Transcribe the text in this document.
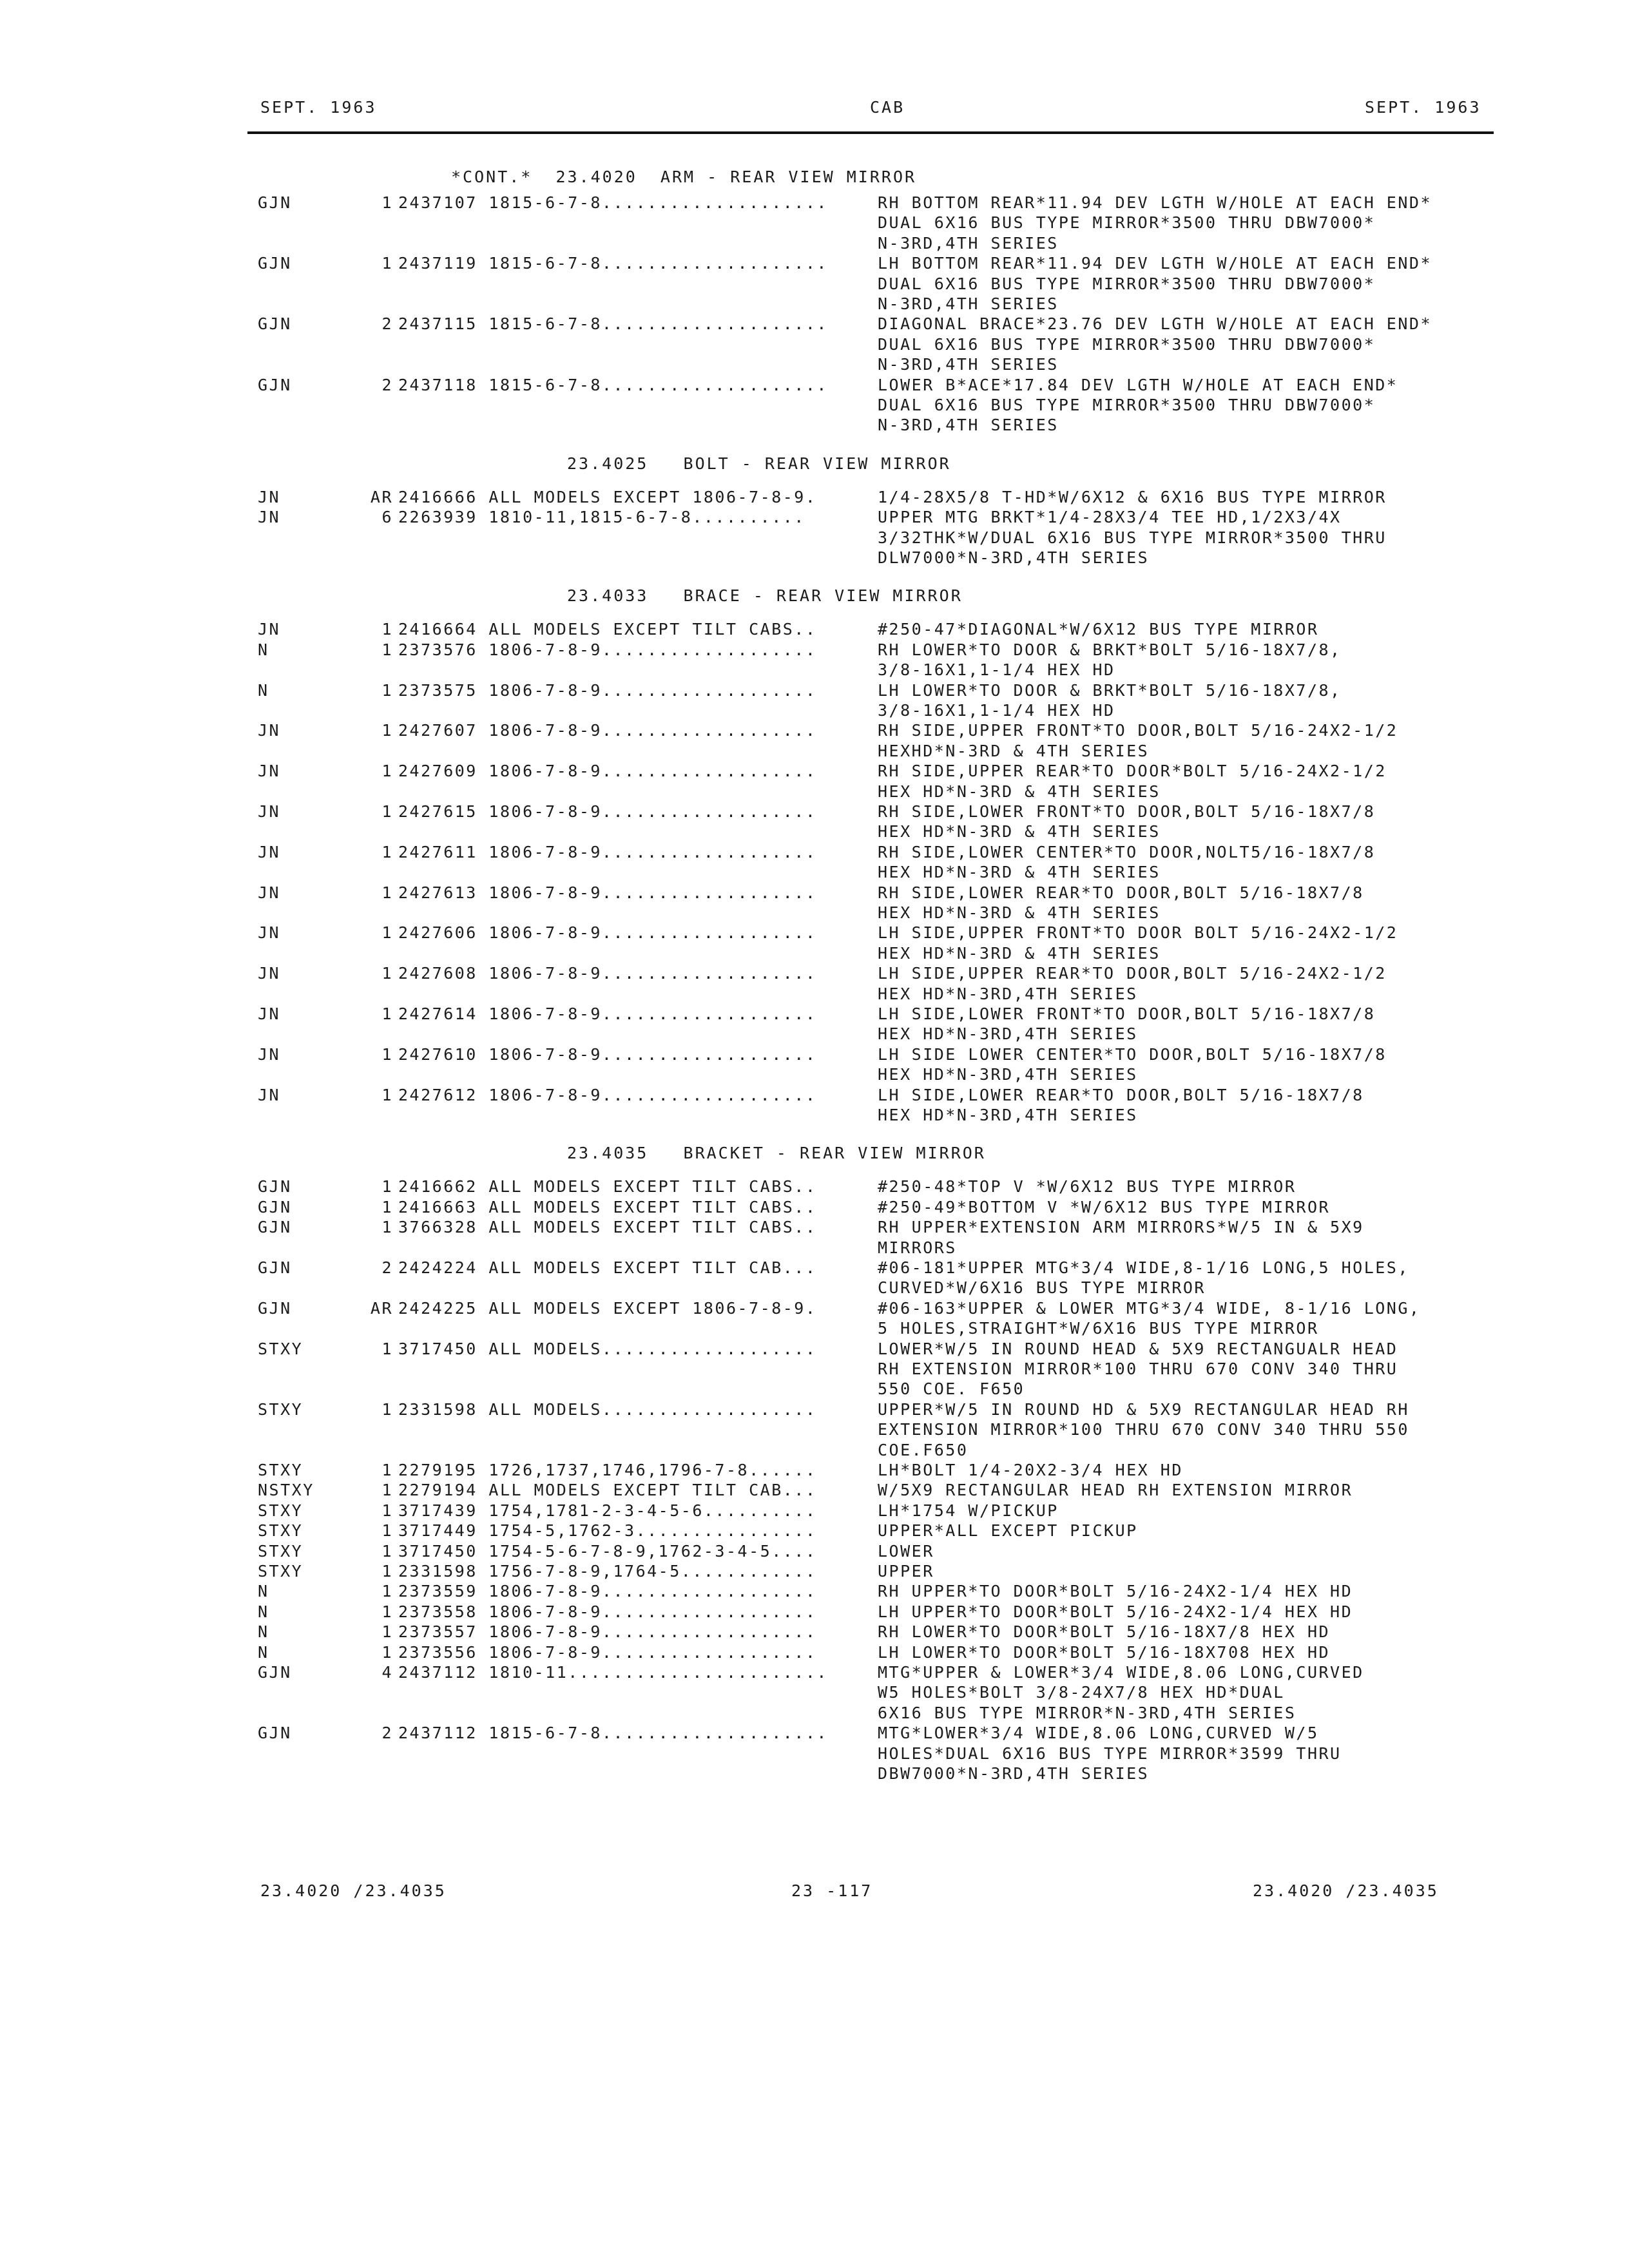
SEPT. 1963	CAB	SEPT. 1963
*CONT.*  23.4020  ARM - REAR VIEW MIRROR
GJN	1 2437107 1815-6-7-8....................	RH BOTTOM REAR*11.94 DEV LGTH W/HOLE AT EACH END*
DUAL 6X16 BUS TYPE MIRROR*3500 THRU DBW7000*
N-3RD,4TH SERIES
GJN	1 2437119 1815-6-7-8....................	LH BOTTOM REAR*11.94 DEV LGTH W/HOLE AT EACH END*
DUAL 6X16 BUS TYPE MIRROR*3500 THRU DBW7000*
N-3RD,4TH SERIES
GJN	2 2437115 1815-6-7-8....................	DIAGONAL BRACE*23.76 DEV LGTH W/HOLE AT EACH END*
DUAL 6X16 BUS TYPE MIRROR*3500 THRU DBW7000*
N-3RD,4TH SERIES
GJN	2 2437118 1815-6-7-8....................	LOWER B*ACE*17.84 DEV LGTH W/HOLE AT EACH END*
DUAL 6X16 BUS TYPE MIRROR*3500 THRU DBW7000*
N-3RD,4TH SERIES
23.4025   BOLT - REAR VIEW MIRROR
JN	AR 2416666 ALL MODELS EXCEPT 1806-7-8-9.	1/4-28X5/8 T-HD*W/6X12 & 6X16 BUS TYPE MIRROR
JN	6 2263939 1810-11,1815-6-7-8..........	UPPER MTG BRKT*1/4-28X3/4 TEE HD,1/2X3/4X
3/32THK*W/DUAL 6X16 BUS TYPE MIRROR*3500 THRU
DLW7000*N-3RD,4TH SERIES
23.4033   BRACE - REAR VIEW MIRROR
JN	1 2416664 ALL MODELS EXCEPT TILT CABS..	#250-47*DIAGONAL*W/6X12 BUS TYPE MIRROR
N	1 2373576 1806-7-8-9...................	RH LOWER*TO DOOR & BRKT*BOLT 5/16-18X7/8,
3/8-16X1,1-1/4 HEX HD
N	1 2373575 1806-7-8-9...................	LH LOWER*TO DOOR & BRKT*BOLT 5/16-18X7/8,
3/8-16X1,1-1/4 HEX HD
JN	1 2427607 1806-7-8-9...................	RH SIDE,UPPER FRONT*TO DOOR,BOLT 5/16-24X2-1/2
HEXHD*N-3RD & 4TH SERIES
JN	1 2427609 1806-7-8-9...................	RH SIDE,UPPER REAR*TO DOOR*BOLT 5/16-24X2-1/2
HEX HD*N-3RD & 4TH SERIES
JN	1 2427615 1806-7-8-9...................	RH SIDE,LOWER FRONT*TO DOOR,BOLT 5/16-18X7/8
HEX HD*N-3RD & 4TH SERIES
JN	1 2427611 1806-7-8-9...................	RH SIDE,LOWER CENTER*TO DOOR,NOLT5/16-18X7/8
HEX HD*N-3RD & 4TH SERIES
JN	1 2427613 1806-7-8-9...................	RH SIDE,LOWER REAR*TO DOOR,BOLT 5/16-18X7/8
HEX HD*N-3RD & 4TH SERIES
JN	1 2427606 1806-7-8-9...................	LH SIDE,UPPER FRONT*TO DOOR BOLT 5/16-24X2-1/2
HEX HD*N-3RD & 4TH SERIES
JN	1 2427608 1806-7-8-9...................	LH SIDE,UPPER REAR*TO DOOR,BOLT 5/16-24X2-1/2
HEX HD*N-3RD,4TH SERIES
JN	1 2427614 1806-7-8-9...................	LH SIDE,LOWER FRONT*TO DOOR,BOLT 5/16-18X7/8
HEX HD*N-3RD,4TH SERIES
JN	1 2427610 1806-7-8-9...................	LH SIDE LOWER CENTER*TO DOOR,BOLT 5/16-18X7/8
HEX HD*N-3RD,4TH SERIES
JN	1 2427612 1806-7-8-9...................	LH SIDE,LOWER REAR*TO DOOR,BOLT 5/16-18X7/8
HEX HD*N-3RD,4TH SERIES
23.4035   BRACKET - REAR VIEW MIRROR
GJN	1 2416662 ALL MODELS EXCEPT TILT CABS..	#250-48*TOP V *W/6X12 BUS TYPE MIRROR
GJN	1 2416663 ALL MODELS EXCEPT TILT CABS..	#250-49*BOTTOM V *W/6X12 BUS TYPE MIRROR
GJN	1 3766328 ALL MODELS EXCEPT TILT CABS..	RH UPPER*EXTENSION ARM MIRRORS*W/5 IN & 5X9
MIRRORS
GJN	2 2424224 ALL MODELS EXCEPT TILT CAB...	#06-181*UPPER MTG*3/4 WIDE,8-1/16 LONG,5 HOLES,
CURVED*W/6X16 BUS TYPE MIRROR
GJN	AR 2424225 ALL MODELS EXCEPT 1806-7-8-9.	#06-163*UPPER & LOWER MTG*3/4 WIDE, 8-1/16 LONG,
5 HOLES,STRAIGHT*W/6X16 BUS TYPE MIRROR
STXY	1 3717450 ALL MODELS...................	LOWER*W/5 IN ROUND HEAD & 5X9 RECTANGUALR HEAD
RH EXTENSION MIRROR*100 THRU 670 CONV 340 THRU
550 COE. F650
STXY	1 2331598 ALL MODELS...................	UPPER*W/5 IN ROUND HD & 5X9 RECTANGULAR HEAD RH
EXTENSION MIRROR*100 THRU 670 CONV 340 THRU 550
COE.F650
STXY	1 2279195 1726,1737,1746,1796-7-8......	LH*BOLT 1/4-20X2-3/4 HEX HD
NSTXY	1 2279194 ALL MODELS EXCEPT TILT CAB...	W/5X9 RECTANGULAR HEAD RH EXTENSION MIRROR
STXY	1 3717439 1754,1781-2-3-4-5-6..........	LH*1754 W/PICKUP
STXY	1 3717449 1754-5,1762-3................	UPPER*ALL EXCEPT PICKUP
STXY	1 3717450 1754-5-6-7-8-9,1762-3-4-5....	LOWER
STXY	1 2331598 1756-7-8-9,1764-5............	UPPER
N	1 2373559 1806-7-8-9...................	RH UPPER*TO DOOR*BOLT 5/16-24X2-1/4 HEX HD
N	1 2373558 1806-7-8-9...................	LH UPPER*TO DOOR*BOLT 5/16-24X2-1/4 HEX HD
N	1 2373557 1806-7-8-9...................	RH LOWER*TO DOOR*BOLT 5/16-18X7/8 HEX HD
N	1 2373556 1806-7-8-9...................	LH LOWER*TO DOOR*BOLT 5/16-18X708 HEX HD
GJN	4 2437112 1810-11.......................	MTG*UPPER & LOWER*3/4 WIDE,8.06 LONG,CURVED
W5 HOLES*BOLT 3/8-24X7/8 HEX HD*DUAL
6X16 BUS TYPE MIRROR*N-3RD,4TH SERIES
GJN	2 2437112 1815-6-7-8....................	MTG*LOWER*3/4 WIDE,8.06 LONG,CURVED W/5
HOLES*DUAL 6X16 BUS TYPE MIRROR*3599 THRU
DBW7000*N-3RD,4TH SERIES
23.4020 /23.4035	23 -117	23.4020 /23.4035
